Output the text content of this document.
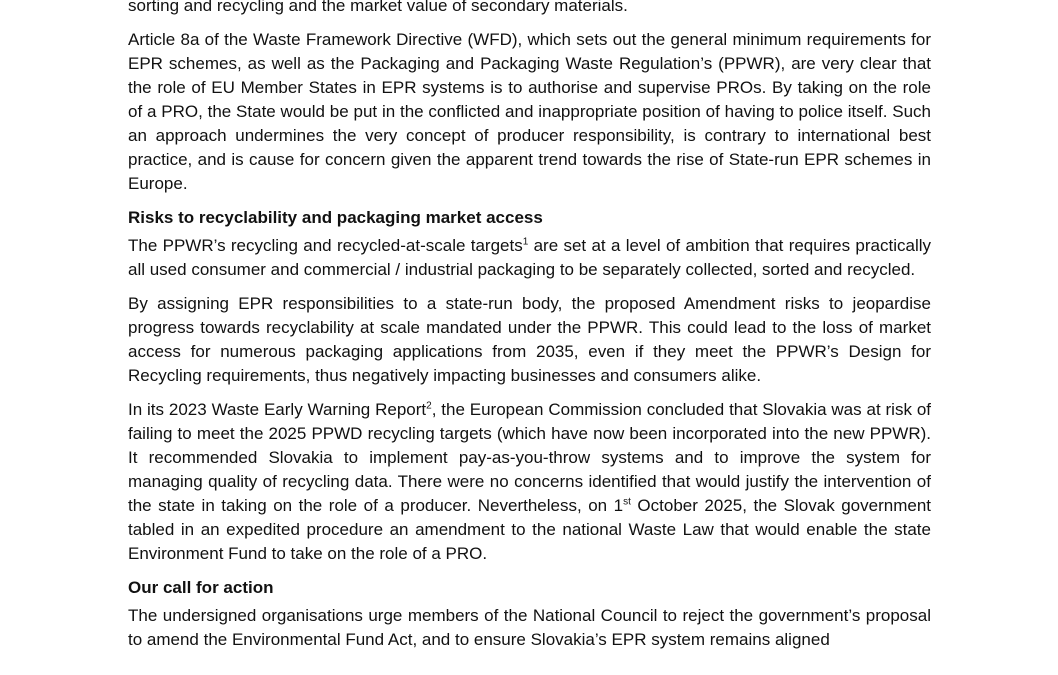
sorting and recycling and the market value of secondary materials.

Article 8a of the Waste Framework Directive (WFD), which sets out the general minimum requirements for EPR schemes, as well as the Packaging and Packaging Waste Regulation’s (PPWR), are very clear that the role of EU Member States in EPR systems is to authorise and supervise PROs. By taking on the role of a PRO, the State would be put in the conflicted and inappropriate position of having to police itself. Such an approach undermines the very concept of producer responsibility, is contrary to international best practice, and is cause for concern given the apparent trend towards the rise of State-run EPR schemes in Europe.

Risks to recyclability and packaging market access

The PPWR’s recycling and recycled-at-scale targets$^1$ are set at a level of ambition that requires practically all used consumer and commercial / industrial packaging to be separately collected, sorted and recycled.

By assigning EPR responsibilities to a state-run body, the proposed Amendment risks to jeopardise progress towards recyclability at scale mandated under the PPWR. This could lead to the loss of market access for numerous packaging applications from 2035, even if they meet the PPWR’s Design for Recycling requirements, thus negatively impacting businesses and consumers alike.

In its 2023 Waste Early Warning Report$^2$, the European Commission concluded that Slovakia was at risk of failing to meet the 2025 PPWD recycling targets (which have now been incorporated into the new PPWR). It recommended Slovakia to implement pay-as-you-throw systems and to improve the system for managing quality of recycling data. There were no concerns identified that would justify the intervention of the state in taking on the role of a producer. Nevertheless, on 1st October 2025, the Slovak government tabled in an expedited procedure an amendment to the national Waste Law that would enable the state Environment Fund to take on the role of a PRO.

Our call for action

The undersigned organisations urge members of the National Council to reject the government’s proposal to amend the Environmental Fund Act, and to ensure Slovakia’s EPR system remains aligned
